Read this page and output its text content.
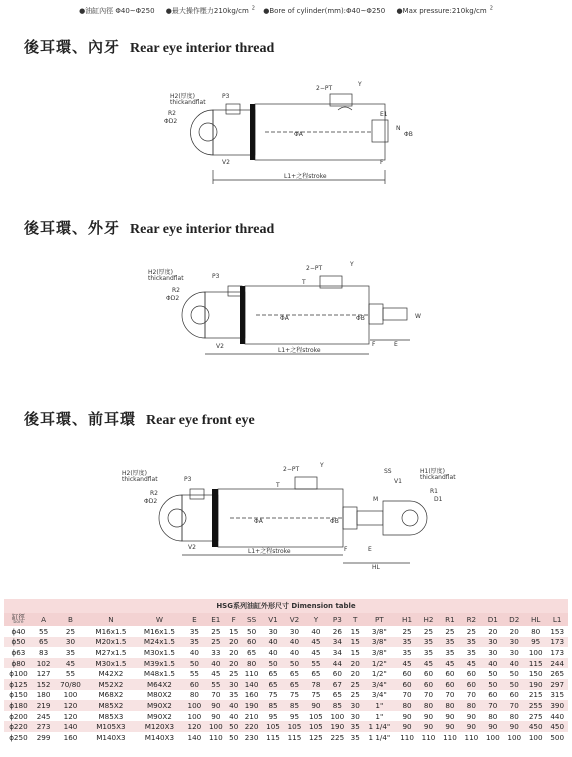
●油缸內徑 Φ40~Φ250 ●最大操作壓力210kg/cm $^2$ ●Bore of cylinder(mm):Φ40~Φ250 ●Max pressure:210kg/cm $^2$
後耳環、內牙 Rear eye interior thread
H2(厚度)
thickandflat
R2
ΦD2
P3
2−PT
Y
E1
ΦA
N
ΦB
V2	F
L1+之程stroke
後耳環、外牙 Rear eye interior thread
H2(厚度)
thickandflat
R2
ΦD2
P3
2−PT
Y
T
ΦA	ΦB	W
V2	F	E
L1+之程stroke
後耳環、前耳環 Rear eye front eye
H2(厚度)
thickandflat
R2
ΦD2
P3
2−PT
Y
T
SS
V1
H1(厚度)
thickandflat
R1
D1
ΦA	ΦB
M
V2	F	E
HL
L1+之程stroke
HSG系列油缸外形尺寸 Dimension table
缸徑
bore	A	B	N	W	E	E1	F	SS	V1	V2	Y	P3	T	PT	H1	H2	R1	R2	D1	D2	HL	L1
ϕ40	55	25	M16x1.5	M16x1.5	35	25	15	50	30	30	40	26	15	3/8"	25	25	25	25	20	20	80	153
ϕ50	65	30	M20x1.5	M24x1.5	35	25	20	60	40	40	45	34	15	3/8"	35	35	35	35	30	30	95	173
ϕ63	83	35	M27x1.5	M30x1.5	40	33	20	65	40	40	45	34	15	3/8"	35	35	35	35	30	30	100	173
ϕ80	102	45	M30x1.5	M39x1.5	50	40	20	80	50	50	55	44	20	1/2"	45	45	45	45	40	40	115	244
ϕ100	127	55	M42X2	M48x1.5	55	45	25	110	65	65	65	60	20	1/2"	60	60	60	60	50	50	150	265
ϕ125	152	70/80	M52X2	M64X2	60	55	30	140	65	65	78	67	25	3/4"	60	60	60	60	50	50	190	297
ϕ150	180	100	M68X2	M80X2	80	70	35	160	75	75	75	65	25	3/4"	70	70	70	70	60	60	215	315
ϕ180	219	120	M85X2	M90X2	100	90	40	190	85	85	90	85	30	1"	80	80	80	80	70	70	255	390
ϕ200	245	120	M85X3	M90X2	100	90	40	210	95	95	105	100	30	1"	90	90	90	90	80	80	275	440
ϕ220	273	140	M105X3	M120X3	120	100	50	220	105	105	105	190	35	1 1/4"	90	90	90	90	90	90	450	450
ϕ250	299	160	M140X3	M140X3	140	110	50	230	115	115	125	225	35	1 1/4"	110	110	110	110	100	100	100	500
